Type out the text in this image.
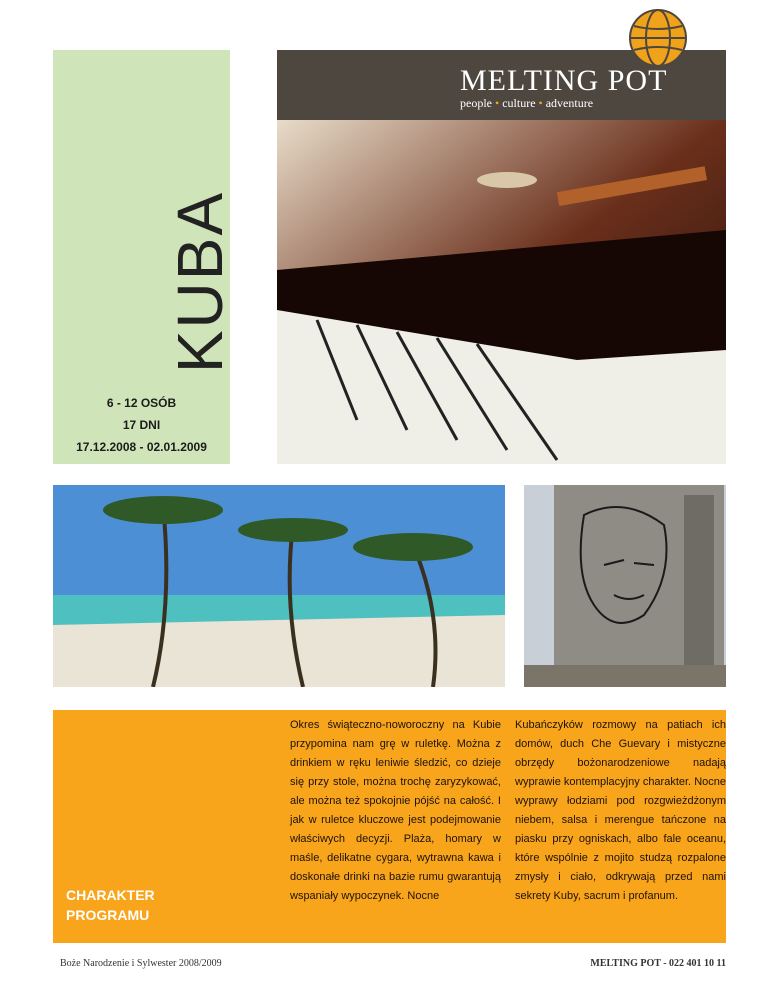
KUBA
6 - 12 OSÓB
17 DNI
17.12.2008 - 02.01.2009
MELTING POT
people • culture • adventure
CHARAKTER
PROGRAMU
Okres świąteczno-noworoczny na Kubie przypomina nam grę w ruletkę. Można z drinkiem w ręku leniwie śledzić, co dzieje się przy stole, można trochę zaryzykować, ale można też spokojnie pójść na całość. I jak w ruletce kluczowe jest podejmowanie właściwych decyzji. Plaża, homary w maśle, delikatne cygara, wytrawna kawa i doskonałe drinki na bazie rumu gwarantują wspaniały wypoczynek. Nocne
Kubańczyków rozmowy na patiach ich domów, duch Che Guevary i mistyczne obrzędy bożonarodzeniowe nadają wyprawie kontemplacyjny charakter. Nocne wyprawy łodziami pod rozgwieżdżonym niebem, salsa i merengue tańczone na piasku przy ogniskach, albo fale oceanu, które wspólnie z mojito studzą rozpalone zmysły i ciało, odkrywają przed nami sekrety Kuby, sacrum i profanum.
Boże Narodzenie i Sylwester 2008/2009	MELTING POT - 022 401 10 11
